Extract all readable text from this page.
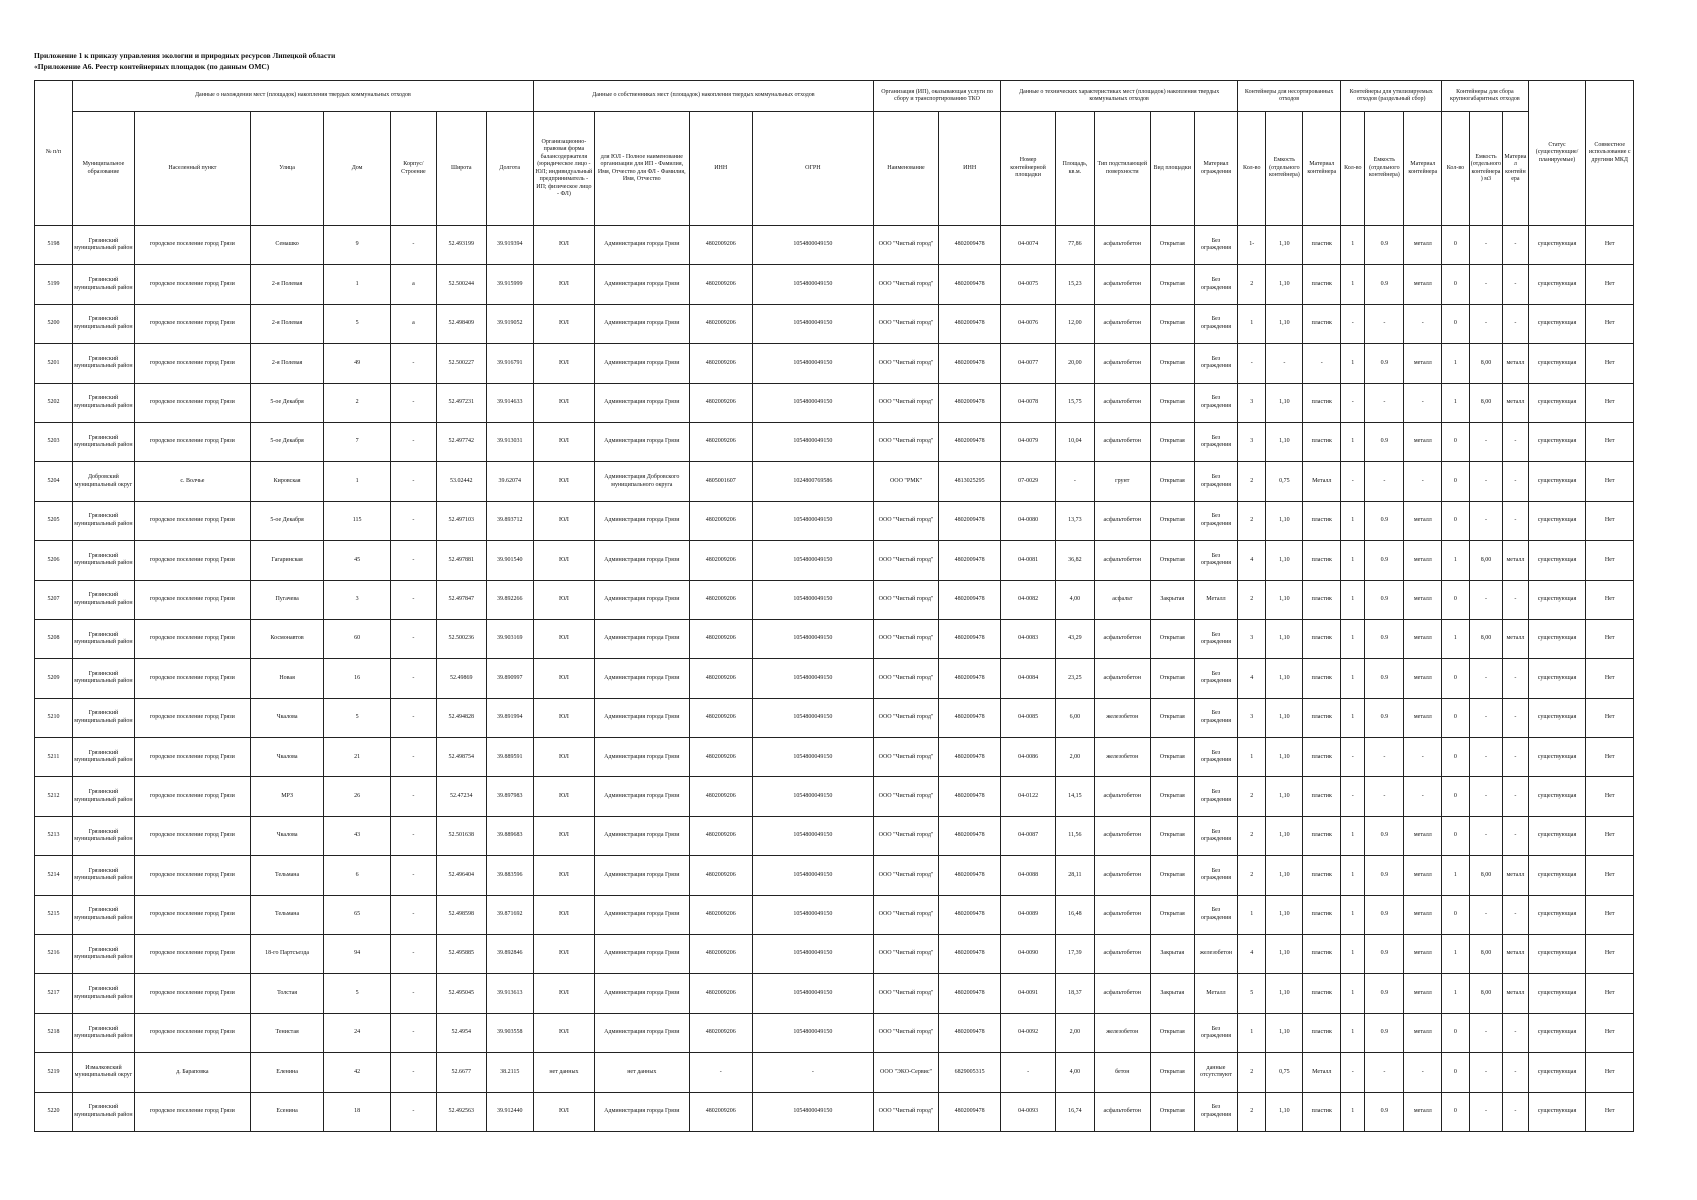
Приложение 1 к приказу управления экологии и природных ресурсов Липецкой области
«Приложение А6. Реестр контейнерных площадок (по данным ОМС)
№ п/п	Данные о нахождении мест (площадок) накопления твердых коммунальных отходов							Данные о собственниках мест (площадок) накопления твердых коммунальных отходов				Организация (ИП), оказывающая услуги по сбору и транспортированию ТКО		Данные о технических характеристиках мест (площадок) накопления твердых коммунальных отходов					Контейнеры для несортированных отходов			Контейнеры для утилизируемых отходов (раздельный сбор)			Контейнеры для сбора крупногабаритных отходов			Статус (существующие/планируемые)	Совместное использование с другими МКД
	Муниципальное образование	Населенный пункт	Улица	Дом	Корпус/Строение	Широта	Долгота	Организационно-правовая форма балансодержателя (юридическое лицо - ЮЛ; индивидуальный предприниматель - ИП; физическое лицо - ФЛ)	для ЮЛ - Полное наименование организации для ИП - Фамилия, Имя, Отчество для ФЛ - Фамилия, Имя, Отчество	ИНН	ОГРН	Наименование	ИНН	Номер контейнерной площадки	Площадь, кв.м.	Тип подстилающей поверхности	Вид площадки	Материал ограждения	Кол-во	Емкость (отдельного контейнера)	Материал контейнера	Кол-во	Емкость (отдельного контейнера)	Материал контейнера	Кол-во	Емкость (отдельного контейнера) м3	Материал контейнера		
5198	Грязинский муниципальный район	городское поселение город Грязи	Семашко	9	-	52.493199	39.919394	ЮЛ	Администрация города Грязи	4802009206	1054800049150	ООО "Чистый город"	4802009478	04-0074	77,86	асфальтобетон	Открытая	Без ограждения	1-	1,10	пластик	1	0.9	металл	0	-	-	существующая	Нет
5199	Грязинский муниципальный район	городское поселение город Грязи	2-я Полевая	1	а	52.500244	39.915999	ЮЛ	Администрация города Грязи	4802009206	1054800049150	ООО "Чистый город"	4802009478	04-0075	15,23	асфальтобетон	Открытая	Без ограждения	2	1,10	пластик	1	0.9	металл	0	-	-	существующая	Нет
5200	Грязинский муниципальный район	городское поселение город Грязи	2-я Полевая	5	а	52.498409	39.919052	ЮЛ	Администрация города Грязи	4802009206	1054800049150	ООО "Чистый город"	4802009478	04-0076	12,00	асфальтобетон	Открытая	Без ограждения	1	1,10	пластик	-	-	-	0	-	-	существующая	Нет
5201	Грязинский муниципальный район	городское поселение город Грязи	2-я Полевая	49	-	52.500227	39.916791	ЮЛ	Администрация города Грязи	4802009206	1054800049150	ООО "Чистый город"	4802009478	04-0077	20,00	асфальтобетон	Открытая	Без ограждения	-	-	-	1	0.9	металл	1	8,00	металл	существующая	Нет
5202	Грязинский муниципальный район	городское поселение город Грязи	5-ое Декабря	2	-	52.497231	39.914633	ЮЛ	Администрация города Грязи	4802009206	1054800049150	ООО "Чистый город"	4802009478	04-0078	15,75	асфальтобетон	Открытая	Без ограждения	3	1,10	пластик	-	-	-	1	8,00	металл	существующая	Нет
5203	Грязинский муниципальный район	городское поселение город Грязи	5-ое Декабря	7	-	52.497742	39.913031	ЮЛ	Администрация города Грязи	4802009206	1054800049150	ООО "Чистый город"	4802009478	04-0079	10,04	асфальтобетон	Открытая	Без ограждения	3	1,10	пластик	1	0.9	металл	0	-	-	существующая	Нет
5204	Добровский муниципальный округ	с. Волчье	Кировская	1	-	53.02442	39.62074	ЮЛ	Администрация Добровского муниципального округа	4805001607	1024800769586	ООО "РМК"	4813025295	07-0029	-	грунт	Открытая	Без ограждения	2	0,75	Металл	-	-	-	0	-	-	существующая	Нет
5205	Грязинский муниципальный район	городское поселение город Грязи	5-ое Декабря	115	-	52.497103	39.893712	ЮЛ	Администрация города Грязи	4802009206	1054800049150	ООО "Чистый город"	4802009478	04-0080	13,73	асфальтобетон	Открытая	Без ограждения	2	1,10	пластик	1	0.9	металл	0	-	-	существующая	Нет
5206	Грязинский муниципальный район	городское поселение город Грязи	Гагаринская	45	-	52.497881	39.901540	ЮЛ	Администрация города Грязи	4802009206	1054800049150	ООО "Чистый город"	4802009478	04-0081	36,82	асфальтобетон	Открытая	Без ограждения	4	1,10	пластик	1	0.9	металл	1	8,00	металл	существующая	Нет
5207	Грязинский муниципальный район	городское поселение город Грязи	Пугачева	3	-	52.497847	39.892266	ЮЛ	Администрация города Грязи	4802009206	1054800049150	ООО "Чистый город"	4802009478	04-0082	4,00	асфальт	Закрытая	Металл	2	1,10	пластик	1	0.9	металл	0	-	-	существующая	Нет
5208	Грязинский муниципальный район	городское поселение город Грязи	Космонавтов	60	-	52.500236	39.903169	ЮЛ	Администрация города Грязи	4802009206	1054800049150	ООО "Чистый город"	4802009478	04-0083	43,29	асфальтобетон	Открытая	Без ограждения	3	1,10	пластик	1	0.9	металл	1	8,00	металл	существующая	Нет
5209	Грязинский муниципальный район	городское поселение город Грязи	Новая	16	-	52.49869	39.890997	ЮЛ	Администрация города Грязи	4802009206	1054800049150	ООО "Чистый город"	4802009478	04-0084	23,25	асфальтобетон	Открытая	Без ограждения	4	1,10	пластик	1	0.9	металл	0	-	-	существующая	Нет
5210	Грязинский муниципальный район	городское поселение город Грязи	Чкалова	5	-	52.494828	39.891994	ЮЛ	Администрация города Грязи	4802009206	1054800049150	ООО "Чистый город"	4802009478	04-0085	6,00	железобетон	Открытая	Без ограждения	3	1,10	пластик	1	0.9	металл	0	-	-	существующая	Нет
5211	Грязинский муниципальный район	городское поселение город Грязи	Чкалова	21	-	52.498754	39.889591	ЮЛ	Администрация города Грязи	4802009206	1054800049150	ООО "Чистый город"	4802009478	04-0086	2,00	железобетон	Открытая	Без ограждения	1	1,10	пластик	-	-	-	0	-	-	существующая	Нет
5212	Грязинский муниципальный район	городское поселение город Грязи	МРЗ	26	-	52.47234	39.897983	ЮЛ	Администрация города Грязи	4802009206	1054800049150	ООО "Чистый город"	4802009478	04-0122	14,15	асфальтобетон	Открытая	Без ограждения	2	1,10	пластик	-	-	-	0	-	-	существующая	Нет
5213	Грязинский муниципальный район	городское поселение город Грязи	Чкалова	43	-	52.501638	39.889683	ЮЛ	Администрация города Грязи	4802009206	1054800049150	ООО "Чистый город"	4802009478	04-0087	11,56	асфальтобетон	Открытая	Без ограждения	2	1,10	пластик	1	0.9	металл	0	-	-	существующая	Нет
5214	Грязинский муниципальный район	городское поселение город Грязи	Тельмана	6	-	52.496404	39.883596	ЮЛ	Администрация города Грязи	4802009206	1054800049150	ООО "Чистый город"	4802009478	04-0088	28,11	асфальтобетон	Открытая	Без ограждения	2	1,10	пластик	1	0.9	металл	1	8,00	металл	существующая	Нет
5215	Грязинский муниципальный район	городское поселение город Грязи	Тельмана	65	-	52.498598	39.871692	ЮЛ	Администрация города Грязи	4802009206	1054800049150	ООО "Чистый город"	4802009478	04-0089	16,48	асфальтобетон	Открытая	Без ограждения	1	1,10	пластик	1	0.9	металл	0	-	-	существующая	Нет
5216	Грязинский муниципальный район	городское поселение город Грязи	18-го Партсъезда	94	-	52.495885	39.892846	ЮЛ	Администрация города Грязи	4802009206	1054800049150	ООО "Чистый город"	4802009478	04-0090	17,39	асфальтобетон	Закрытая	железобетон	4	1,10	пластик	1	0.9	металл	1	8,00	металл	существующая	Нет
5217	Грязинский муниципальный район	городское поселение город Грязи	Толстая	5	-	52.495045	39.913613	ЮЛ	Администрация города Грязи	4802009206	1054800049150	ООО "Чистый город"	4802009478	04-0091	18,37	асфальтобетон	Закрытая	Металл	5	1,10	пластик	1	0.9	металл	1	8,00	металл	существующая	Нет
5218	Грязинский муниципальный район	городское поселение город Грязи	Тенистая	24	-	52.4954	39.903558	ЮЛ	Администрация города Грязи	4802009206	1054800049150	ООО "Чистый город"	4802009478	04-0092	2,00	железобетон	Открытая	Без ограждения	1	1,10	пластик	1	0.9	металл	0	-	-	существующая	Нет
5219	Измалковский муниципальный округ	д. Бараповка	Еленина	42	-	52.6677	38.2115	нет данных	нет данных	-	-	ООО "ЭКО-Сервис"	6829005315	-	4,00	бетон	Открытая	данные отсутствуют	2	0,75	Металл	-	-	-	0	-	-	существующая	Нет
5220	Грязинский муниципальный район	городское поселение город Грязи	Есенина	18	-	52.492563	39.912440	ЮЛ	Администрация города Грязи	4802009206	1054800049150	ООО "Чистый город"	4802009478	04-0093	16,74	асфальтобетон	Открытая	Без ограждения	2	1,10	пластик	1	0.9	металл	0	-	-	существующая	Нет
